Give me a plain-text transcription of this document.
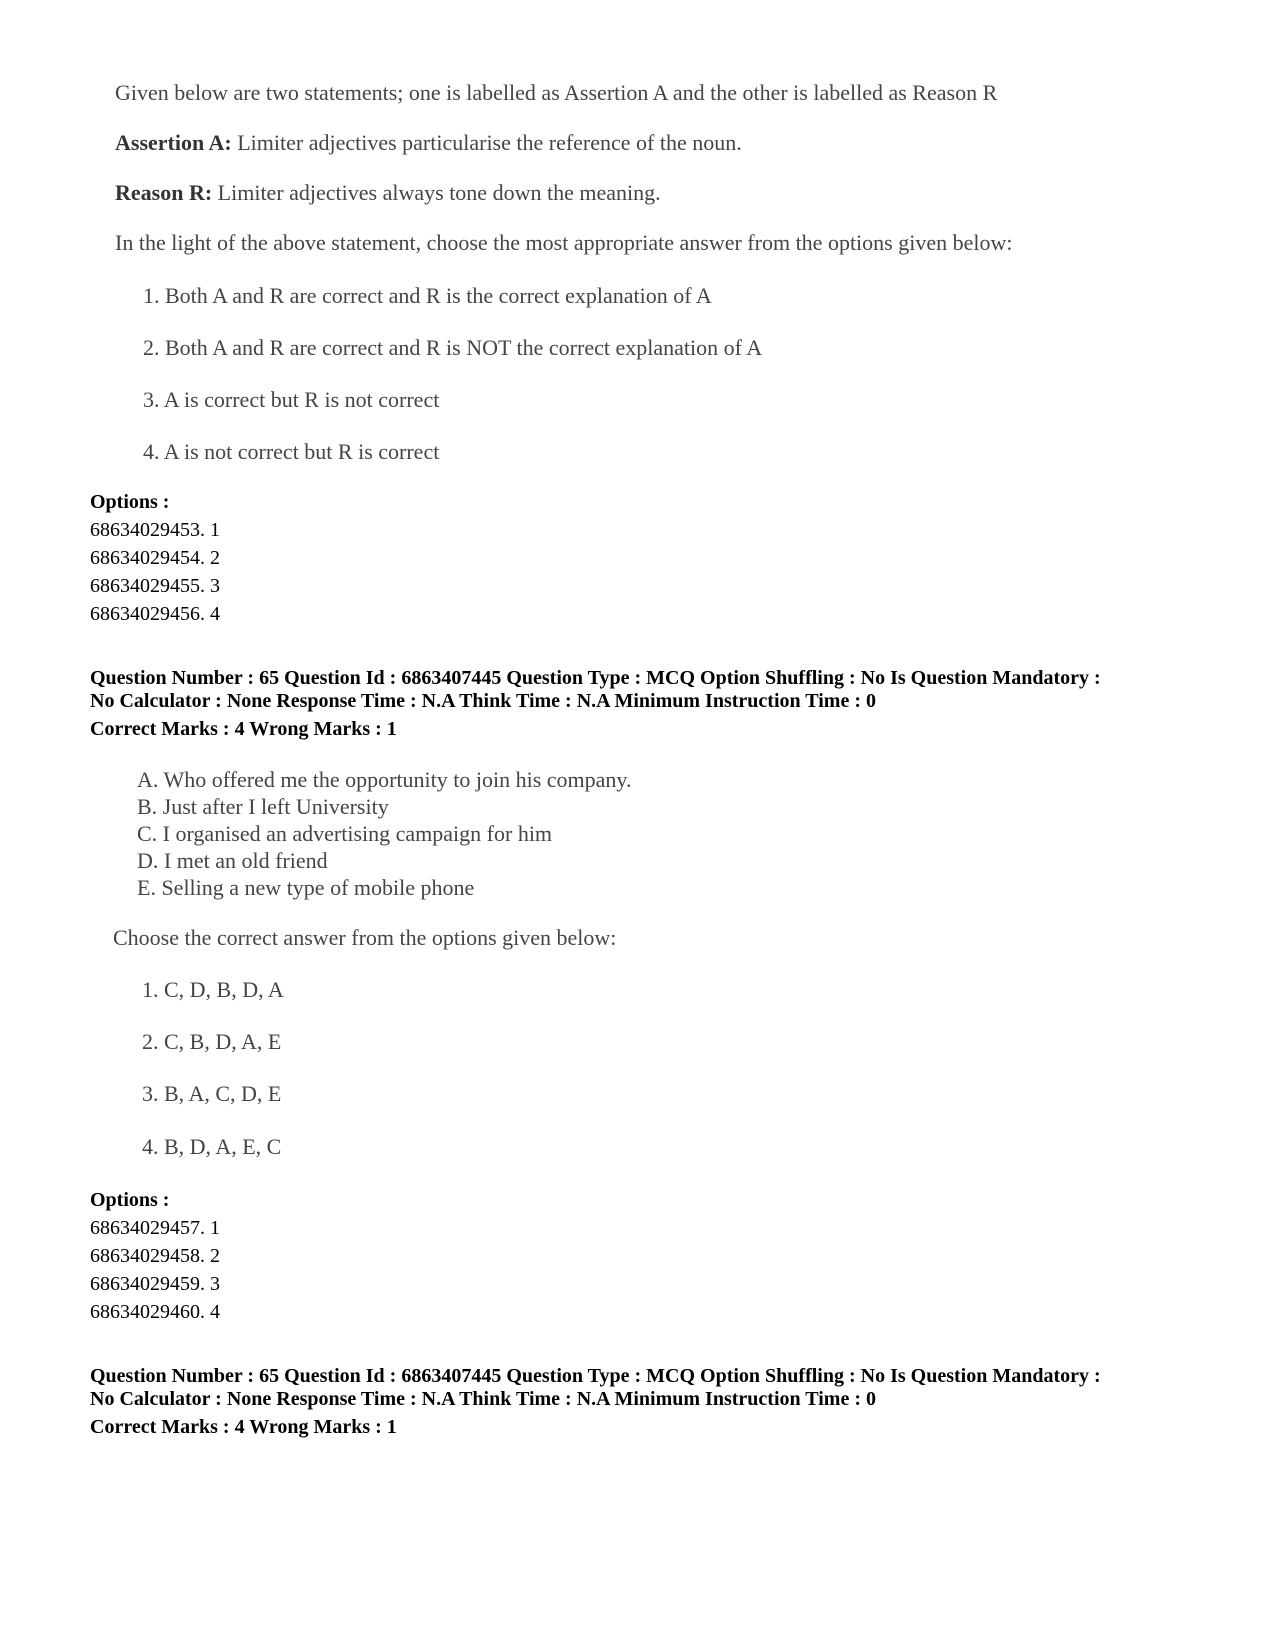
Given below are two statements; one is labelled as Assertion A and the other is labelled as Reason R
Assertion A: Limiter adjectives particularise the reference of the noun.
Reason R: Limiter adjectives always tone down the meaning.
In the light of the above statement, choose the most appropriate answer from the options given below:
1. Both A and R are correct and R is the correct explanation of A
2. Both A and R are correct and R is NOT the correct explanation of A
3. A is correct but R is not correct
4. A is not correct but R is correct
Options :
68634029453. 1
68634029454. 2
68634029455. 3
68634029456. 4
Question Number : 65 Question Id : 6863407445 Question Type : MCQ Option Shuffling : No Is Question Mandatory :
No Calculator : None Response Time : N.A Think Time : N.A Minimum Instruction Time : 0
Correct Marks : 4 Wrong Marks : 1
A. Who offered me the opportunity to join his company.
B. Just after I left University
C. I organised an advertising campaign for him
D. I met an old friend
E. Selling a new type of mobile phone
Choose the correct answer from the options given below:
1. C, D, B, D, A
2. C, B, D, A, E
3. B, A, C, D, E
4. B, D, A, E, C
Options :
68634029457. 1
68634029458. 2
68634029459. 3
68634029460. 4
Question Number : 65 Question Id : 6863407445 Question Type : MCQ Option Shuffling : No Is Question Mandatory :
No Calculator : None Response Time : N.A Think Time : N.A Minimum Instruction Time : 0
Correct Marks : 4 Wrong Marks : 1
